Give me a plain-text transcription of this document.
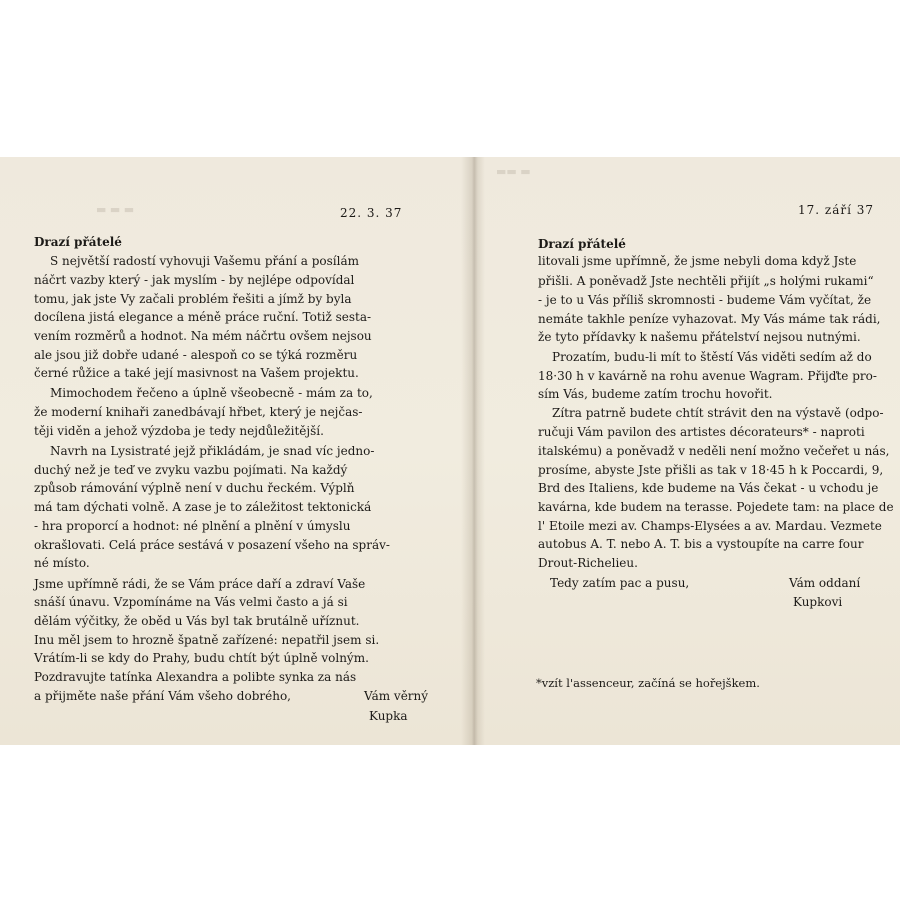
▬ ▬ ▬	22. 3. 37
Drazí přátelé
S největší radostí vyhovuji Vašemu přání a posílám
náčrt vazby který - jak myslím - by nejlépe odpovídal
tomu, jak jste Vy začali problém řešiti a jímž by byla
docílena jistá elegance a méně práce ruční. Totiž sesta-
vením rozměrů a hodnot. Na mém náčrtu ovšem nejsou
ale jsou již dobře udané - alespoň co se týká rozměru
černé růžice a také její masivnost na Vašem projektu.
Mimochodem řečeno a úplně všeobecně - mám za to,
že moderní knihaři zanedbávají hřbet, který je nejčas-
těji viděn a jehož výzdoba je tedy nejdůležitější.
Navrh na Lysistraté jejž přikládám, je snad víc jedno-
duchý než je teď ve zvyku vazbu pojímati. Na každý
způsob rámování výplně není v duchu řeckém. Výplň
má tam dýchati volně. A zase je to záležitost tektonická
- hra proporcí a hodnot: né plnění a plnění v úmyslu
okrašlovati. Celá práce sestává v posazení všeho na správ-
né místo.
Jsme upřímně rádi, že se Vám práce daří a zdraví Vaše
snáší únavu. Vzpomínáme na Vás velmi často a já si
dělám výčitky, že oběd u Vás byl tak brutálně uříznut.
Inu měl jsem to hrozně špatně zařízené: nepatřil jsem si.
Vrátím-li se kdy do Prahy, budu chtít být úplně volným.
Pozdravujte tatínka Alexandra a polibte synka za nás
a přijměte naše přání Vám všeho dobrého,	Vám věrný
Kupka
▬▬ ▬
17. září 37
Drazí přátelé
litovali jsme upřímně, že jsme nebyli doma když Jste
přišli. A poněvadž Jste nechtěli přijít „s holými rukami“
- je to u Vás příliš skromnosti - budeme Vám vyčítat, že
nemáte takhle peníze vyhazovat. My Vás máme tak rádi,
že tyto přídavky k našemu přátelství nejsou nutnými.
Prozatím, budu-li mít to štěstí Vás viděti sedím až do
18·30 h v kavárně na rohu avenue Wagram. Přijďte pro-
sím Vás, budeme zatím trochu hovořit.
Zítra patrně budete chtít strávit den na výstavě (odpo-
ručuji Vám pavilon des artistes décorateurs* - naproti
italskému) a poněvadž v neděli není možno večeřet u nás,
prosíme, abyste Jste přišli as tak v 18·45 h k Poccardi, 9,
Brd des Italiens, kde budeme na Vás čekat - u vchodu je
kavárna, kde budem na terasse. Pojedete tam: na place de
l' Etoile mezi av. Champs-Elysées a av. Mardau. Vezmete
autobus A. T. nebo A. T. bis a vystoupíte na carre four
Drout-Richelieu.
Tedy zatím pac a pusu,	Vám oddaní
Kupkovi
*vzít l'assenceur, začíná se hořejškem.
